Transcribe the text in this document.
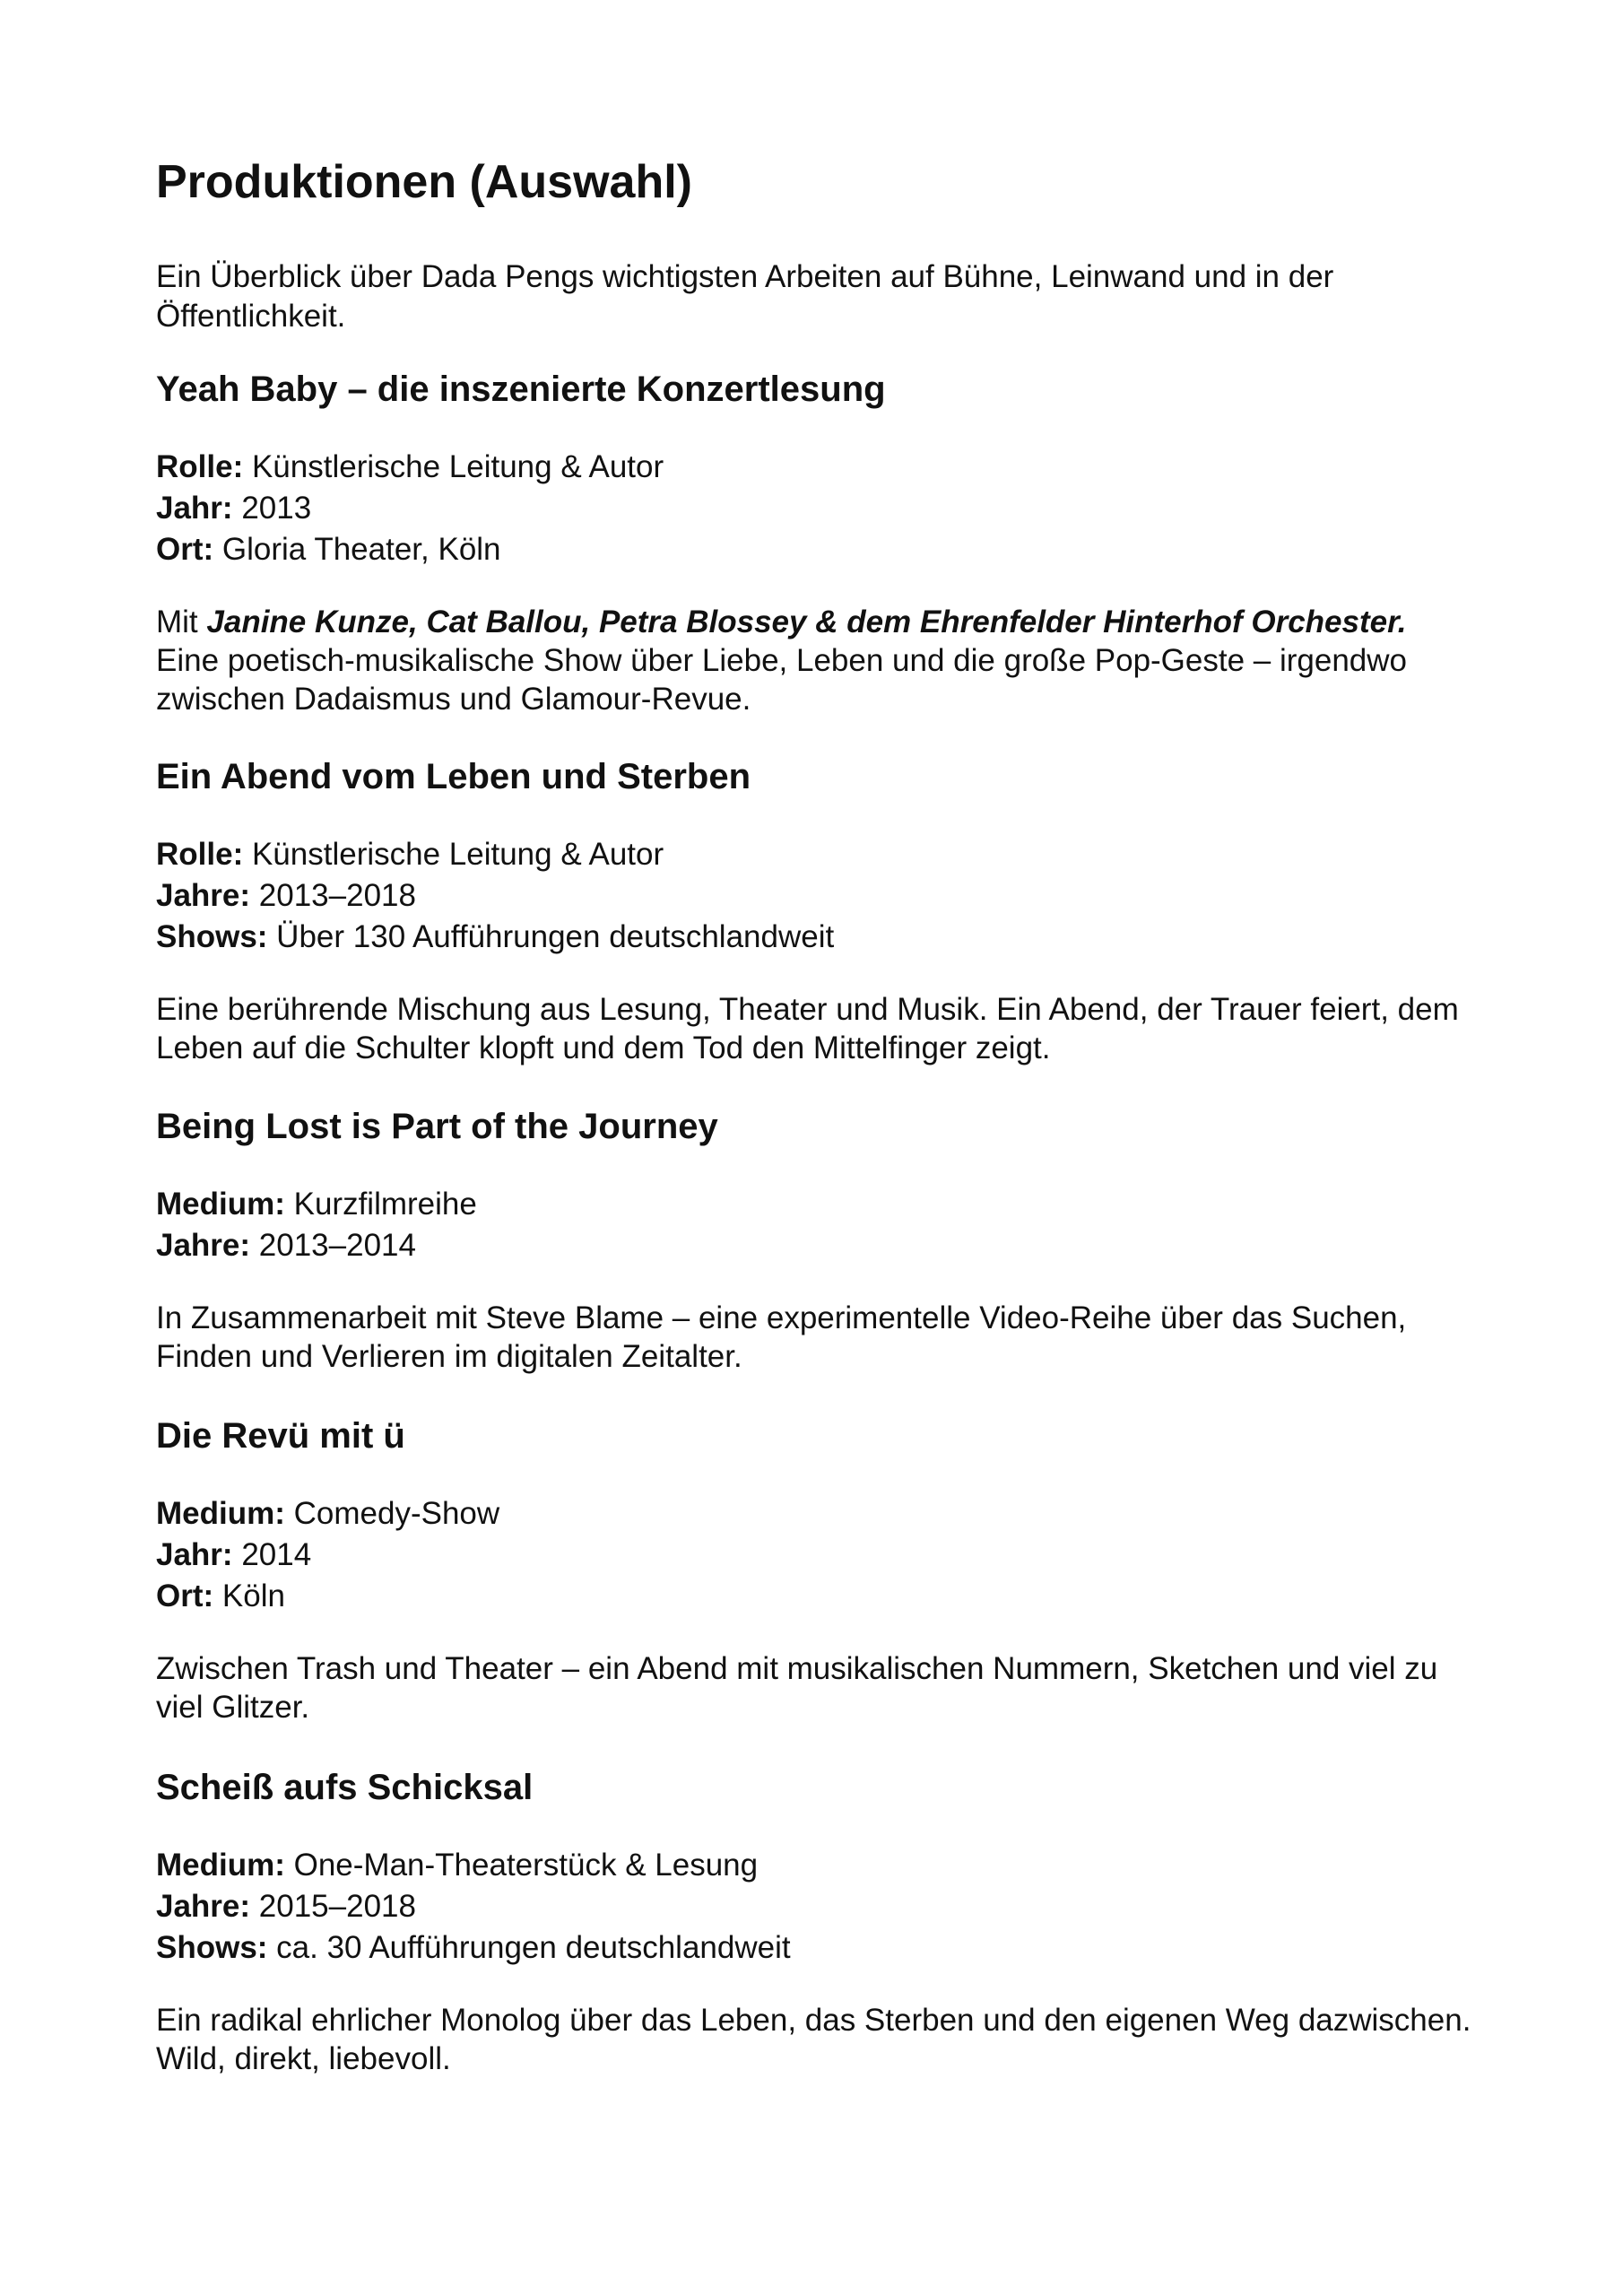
Produktionen (Auswahl)

Ein Überblick über Dada Pengs wichtigsten Arbeiten auf Bühne, Leinwand und in der Öffentlichkeit.

Yeah Baby – die inszenierte Konzertlesung
Rolle: Künstlerische Leitung & Autor
Jahr: 2013
Ort: Gloria Theater, Köln

Mit Janine Kunze, Cat Ballou, Petra Blossey & dem Ehrenfelder Hinterhof Orchester.
Eine poetisch-musikalische Show über Liebe, Leben und die große Pop-Geste – irgendwo zwischen Dadaismus und Glamour-Revue.

Ein Abend vom Leben und Sterben
Rolle: Künstlerische Leitung & Autor
Jahre: 2013–2018
Shows: Über 130 Aufführungen deutschlandweit

Eine berührende Mischung aus Lesung, Theater und Musik. Ein Abend, der Trauer feiert, dem Leben auf die Schulter klopft und dem Tod den Mittelfinger zeigt.

Being Lost is Part of the Journey
Medium: Kurzfilmreihe
Jahre: 2013–2014

In Zusammenarbeit mit Steve Blame – eine experimentelle Video-Reihe über das Suchen, Finden und Verlieren im digitalen Zeitalter.

Die Revü mit ü
Medium: Comedy-Show
Jahr: 2014
Ort: Köln

Zwischen Trash und Theater – ein Abend mit musikalischen Nummern, Sketchen und viel zu viel Glitzer.

Scheiß aufs Schicksal
Medium: One-Man-Theaterstück & Lesung
Jahre: 2015–2018
Shows: ca. 30 Aufführungen deutschlandweit

Ein radikal ehrlicher Monolog über das Leben, das Sterben und den eigenen Weg dazwischen. Wild, direkt, liebevoll.
